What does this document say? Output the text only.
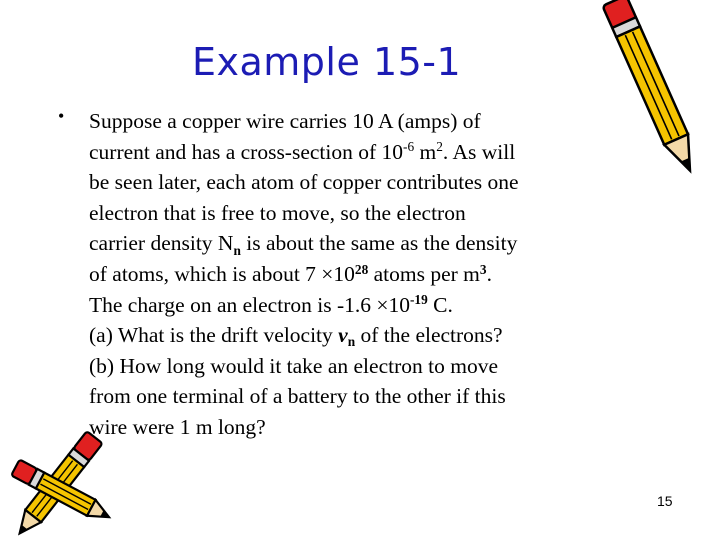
Example 15-1
• Suppose a copper wire carries 10 A (amps) of
current and has a cross-section of $10^{-6}$ $m^2$. As will
be seen later, each atom of copper contributes one
electron that is free to move, so the electron
carrier density $N_n$ is about the same as the density
of atoms, which is about $7 \times 10^{28}$ atoms per $m^3$.
The charge on an electron is $-1.6 \times 10^{-19}$ C.
(a) What is the drift velocity $v_n$ of the electrons?
(b) How long would it take an electron to move
from one terminal of a battery to the other if this
wire were 1 m long?
15
